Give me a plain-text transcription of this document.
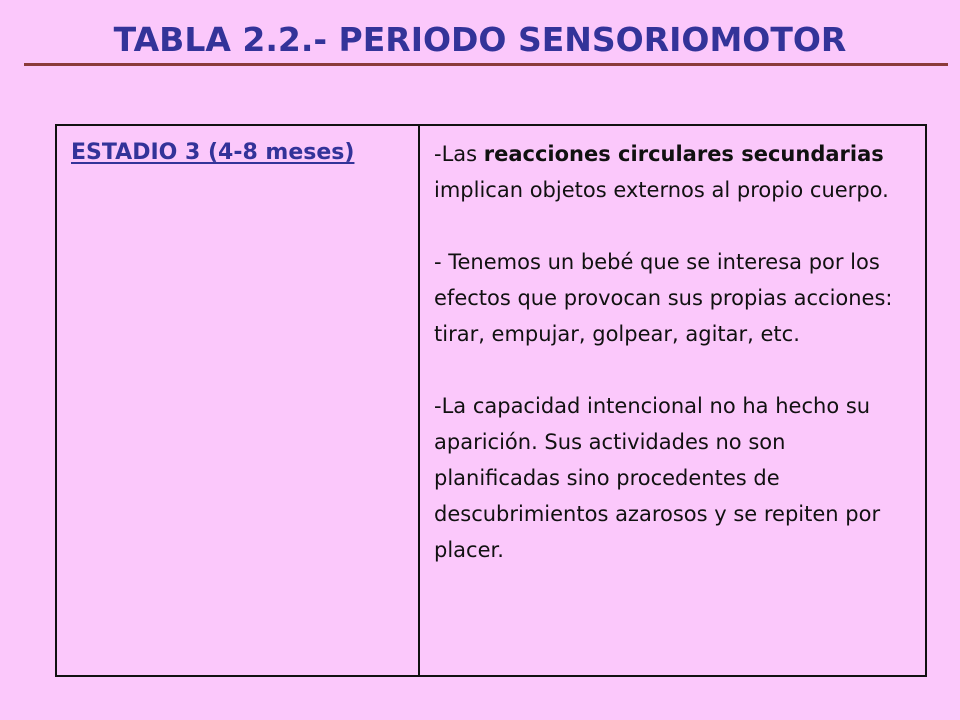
TABLA 2.2.- PERIODO SENSORIOMOTOR
ESTADIO 3 (4-8 meses)	-Las reacciones circulares secundarias implican objetos externos al propio cuerpo.

- Tenemos un bebé que se interesa por los efectos que provocan sus propias acciones: tirar, empujar, golpear, agitar, etc.

-La capacidad intencional no ha hecho su aparición. Sus actividades no son planificadas sino procedentes de descubrimientos azarosos y se repiten por placer.
